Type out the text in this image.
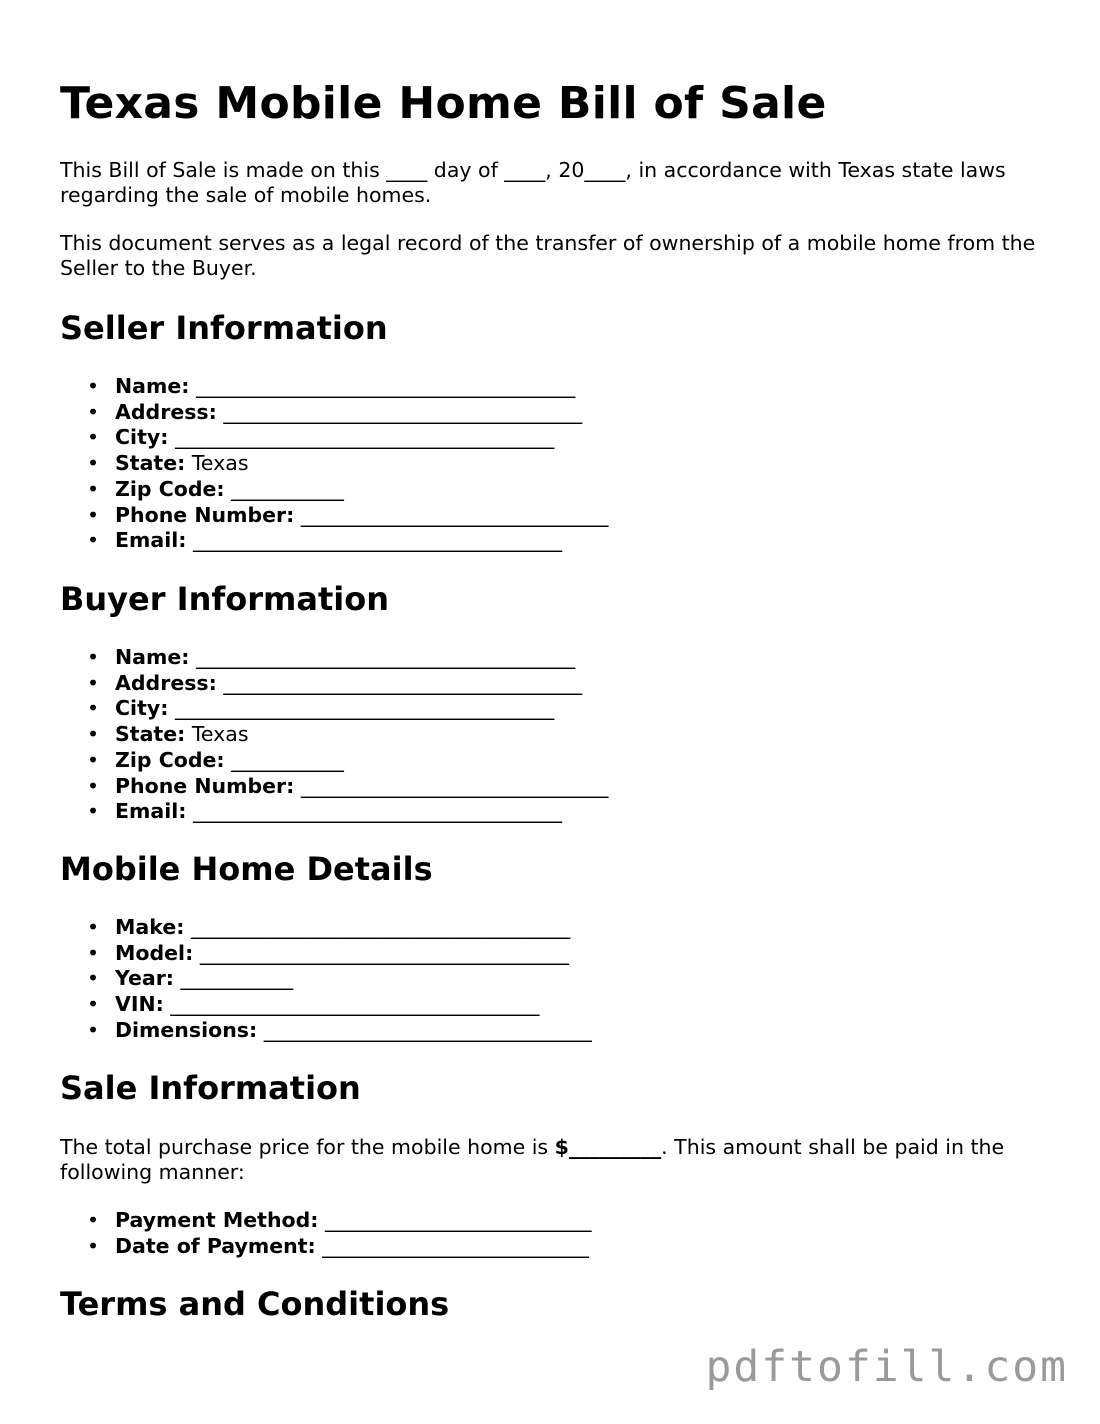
Texas Mobile Home Bill of Sale

This Bill of Sale is made on this ____ day of ____, 20____, in accordance with Texas state laws regarding the sale of mobile homes.

This document serves as a legal record of the transfer of ownership of a mobile home from the Seller to the Buyer.

Seller Information
• Name: _____________________________________
• Address: ___________________________________
• City: _____________________________________
• State: Texas
• Zip Code: ___________
• Phone Number: ______________________________
• Email: ____________________________________
Buyer Information
• Name: _____________________________________
• Address: ___________________________________
• City: _____________________________________
• State: Texas
• Zip Code: ___________
• Phone Number: ______________________________
• Email: ____________________________________
Mobile Home Details
• Make: _____________________________________
• Model: ____________________________________
• Year: ___________
• VIN: ____________________________________
• Dimensions: ________________________________
Sale Information

The total purchase price for the mobile home is $_________. This amount shall be paid in the following manner:

• Payment Method: __________________________
• Date of Payment: __________________________
Terms and Conditions
pdftofill.com
